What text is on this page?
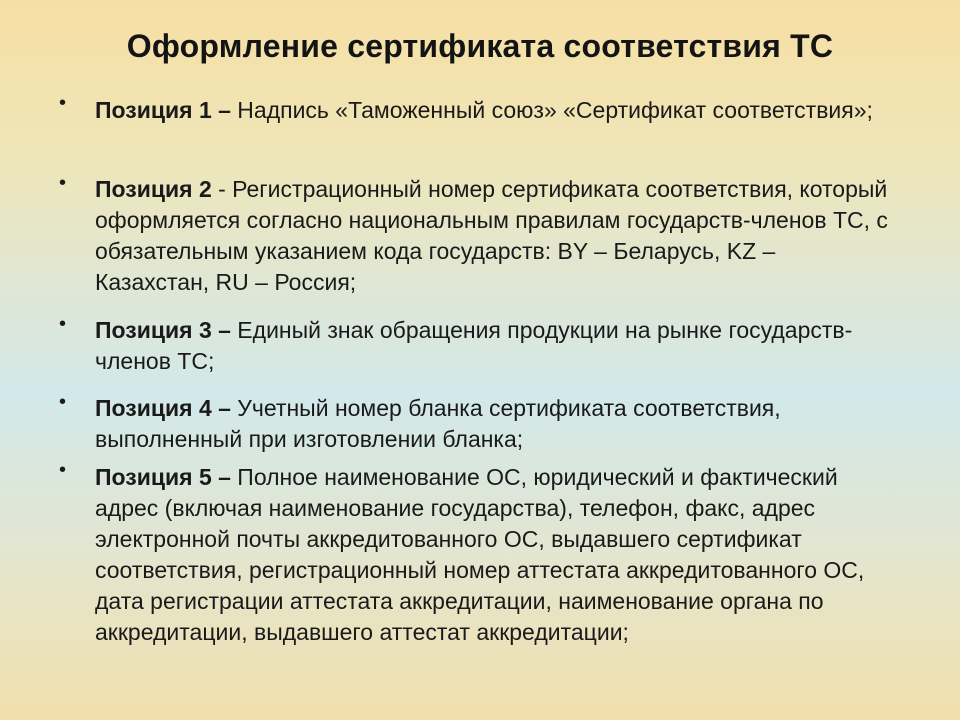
Оформление сертификата соответствия ТС
• Позиция 1 – Надпись «Таможенный союз» «Сертификат соответствия»;
• Позиция 2 - Регистрационный номер сертификата соответствия, который оформляется согласно национальным правилам государств-членов ТС, с обязательным указанием кода государств: BY – Беларусь, KZ – Казахстан, RU – Россия;
• Позиция 3 – Единый знак обращения продукции на рынке государств-членов ТС;
• Позиция 4 – Учетный номер бланка сертификата соответствия, выполненный при изготовлении бланка;
• Позиция 5 – Полное наименование ОС, юридический и фактический адрес (включая наименование государства), телефон, факс, адрес электронной почты аккредитованного ОС, выдавшего сертификат соответствия, регистрационный номер аттестата аккредитованного ОС, дата регистрации аттестата аккредитации, наименование органа по аккредитации, выдавшего аттестат аккредитации;
